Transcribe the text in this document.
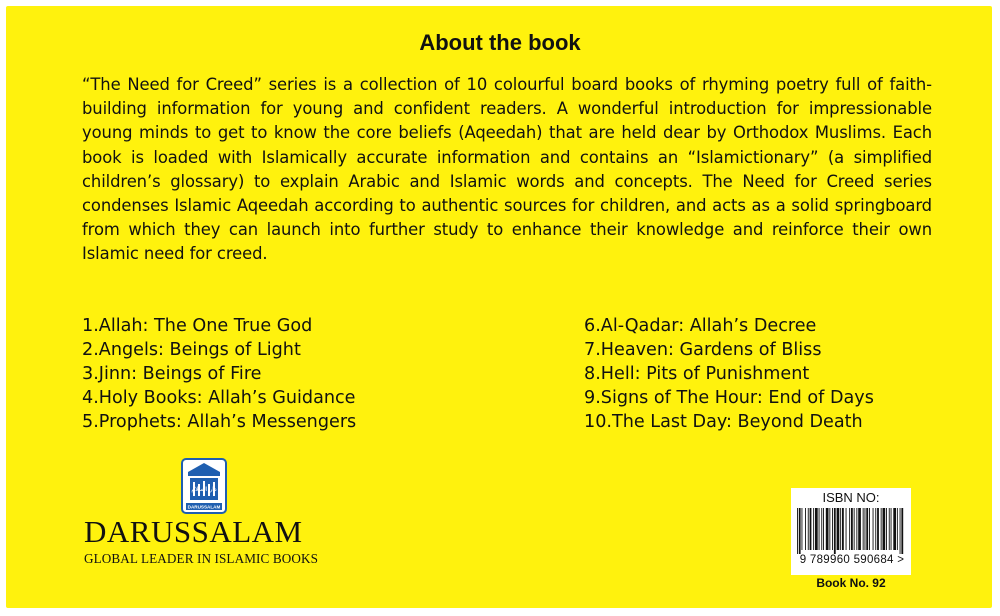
About the book
“The Need for Creed” series is a collection of 10 colourful board books of rhyming poetry full of faith-building information for young and confident readers. A wonderful introduction for impressionable young minds to get to know the core beliefs (Aqeedah) that are held dear by Orthodox Muslims. Each book is loaded with Islamically accurate information and contains an “Islamictionary” (a simplified children’s glossary) to explain Arabic and Islamic words and concepts. The Need for Creed series condenses Islamic Aqeedah according to authentic sources for children, and acts as a solid springboard from which they can launch into further study to enhance their knowledge and reinforce their own Islamic need for creed.
1.Allah: The One True God
2.Angels: Beings of Light
3.Jinn: Beings of Fire
4.Holy Books: Allah’s Guidance
5.Prophets: Allah’s Messengers
6.Al-Qadar: Allah’s Decree
7.Heaven: Gardens of Bliss
8.Hell: Pits of Punishment
9.Signs of The Hour: End of Days
10.The Last Day: Beyond Death
دار السلام
DARUSSALAM
DARUSSALAM
GLOBAL LEADER IN ISLAMIC BOOKS
ISBN NO:
9 789960 590684 >
Book No. 92
